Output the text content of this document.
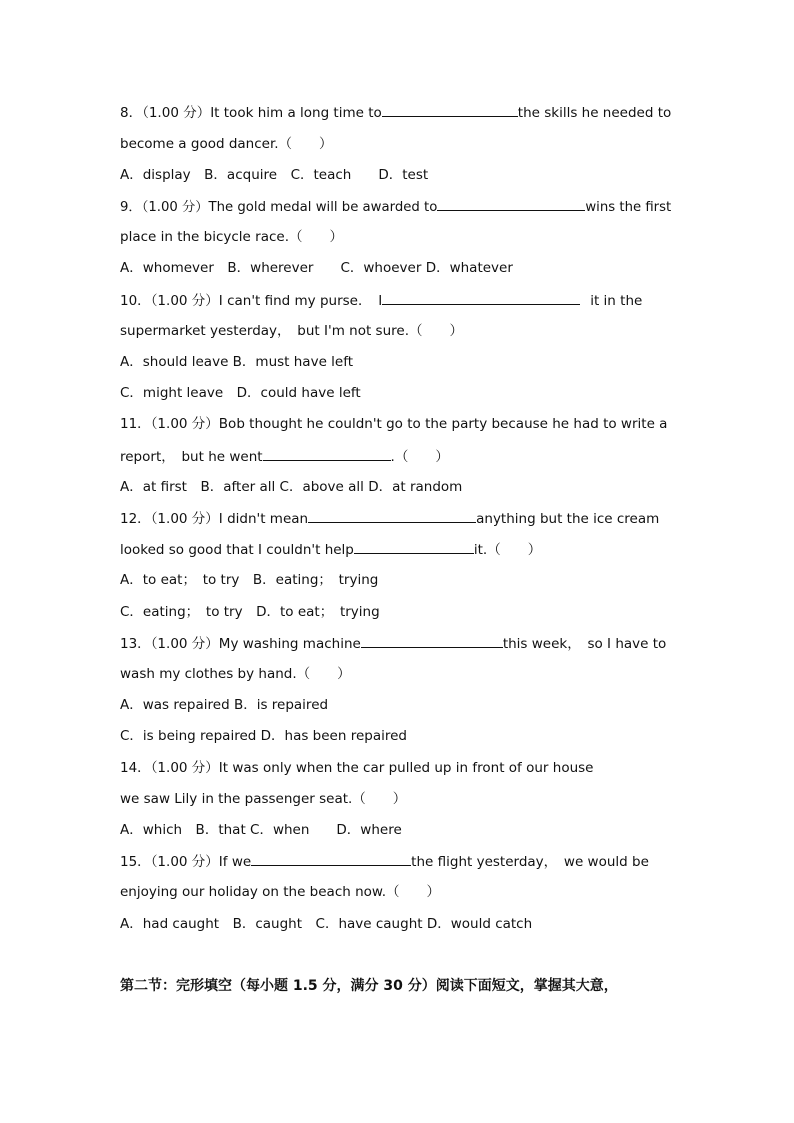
8．（1.00 分）It took him a long time to	the skills he needed to
become a good dancer.（　　）
A．display　B．acquire　C．teach　　D．test
9．（1.00 分）The gold medal will be awarded to	wins the first
place in the bicycle race.（　　）
A．whomever　B．wherever　　C．whoever D．whatever
10．（1.00 分）I can't find my purse．　I	it in the
supermarket yesterday，　but I'm not sure.（　　）
A．should leave B．must have left
C．might leave　D．could have left
11．（1.00 分）Bob thought he couldn't go to the party because he had to write a
report，　but he went	.（　　）
A．at first　B．after all C．above all D．at random
12．（1.00 分）I didn't mean	anything but the ice cream
looked so good that I couldn't help	it.（　　）
A．to eat；　to try　B．eating；　trying
C．eating；　to try　D．to eat；　trying
13．（1.00 分）My washing machine	this week，　so I have to
wash my clothes by hand.（　　）
A．was repaired B．is repaired
C．is being repaired D．has been repaired
14．（1.00 分）It was only when the car pulled up in front of our house
we saw Lily in the passenger seat.（　　）
A．which　B．that C．when　　D．where
15．（1.00 分）If we	the flight yesterday，　we would be
enjoying our holiday on the beach now.（　　）
A．had caught　B．caught　C．have caught D．would catch
第二节：完形填空（每小题 1.5 分，满分 30 分）阅读下面短文，掌握其大意，
